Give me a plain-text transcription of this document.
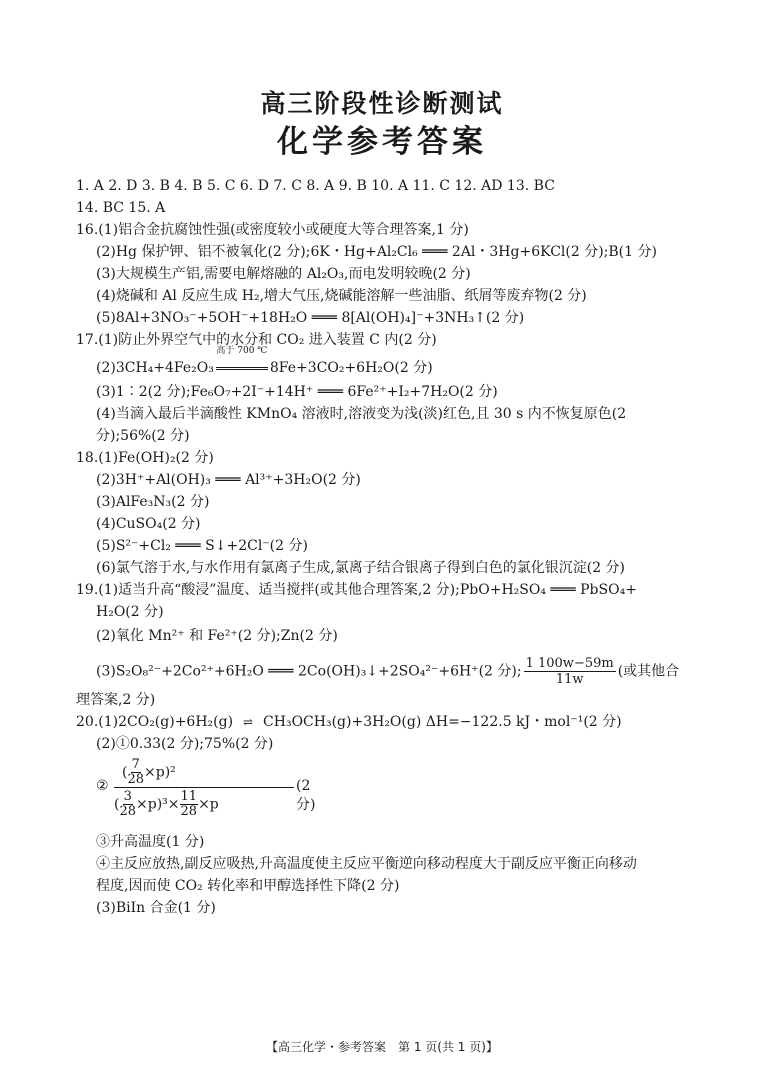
高三阶段性诊断测试
化学参考答案
1. A 2. D 3. B 4. B 5. C 6. D 7. C 8. A 9. B 10. A 11. C 12. AD 13. BC
14. BC 15. A
16.(1)铝合金抗腐蚀性强(或密度较小或硬度大等合理答案,1 分)
(2)Hg 保护钾、铝不被氧化(2 分);6K・Hg+Al₂Cl₆ ═══ 2Al・3Hg+6KCl(2 分);B(1 分)
(3)大规模生产铝,需要电解熔融的 Al₂O₃,而电发明较晚(2 分)
(4)烧碱和 Al 反应生成 H₂,增大气压,烧碱能溶解一些油脂、纸屑等废弃物(2 分)
(5)8Al+3NO₃⁻+5OH⁻+18H₂O ═══ 8[Al(OH)₄]⁻+3NH₃↑(2 分)
17.(1)防止外界空气中的水分和 CO₂ 进入装置 C 内(2 分)
(2)3CH₄+4Fe₂O₃
高于 700 ℃
8Fe+3CO₂+6H₂O(2 分)
(3)1∶2(2 分);Fe₆O₇+2I⁻+14H⁺ ═══ 6Fe²⁺+I₂+7H₂O(2 分)
(4)当滴入最后半滴酸性 KMnO₄ 溶液时,溶液变为浅(淡)红色,且 30 s 内不恢复原色(2
分);56%(2 分)
18.(1)Fe(OH)₂(2 分)
(2)3H⁺+Al(OH)₃ ═══ Al³⁺+3H₂O(2 分)
(3)AlFe₃N₃(2 分)
(4)CuSO₄(2 分)
(5)S²⁻+Cl₂ ═══ S↓+2Cl⁻(2 分)
(6)氯气溶于水,与水作用有氯离子生成,氯离子结合银离子得到白色的氯化银沉淀(2 分)
19.(1)适当升高“酸浸”温度、适当搅拌(或其他合理答案,2 分);PbO+H₂SO₄ ═══ PbSO₄+
H₂O(2 分)
(2)氧化 Mn²⁺ 和 Fe²⁺(2 分);Zn(2 分)
(3)S₂O₈²⁻+2Co²⁺+6H₂O ═══ 2Co(OH)₃↓+2SO₄²⁻+6H⁺(2 分); $\frac{1 100w-59m}{11w}$ (或其他合
理答案,2 分)
20.(1)2CO₂(g)+6H₂(g) ⇌ CH₃OCH₃(g)+3H₂O(g) ΔH=−122.5 kJ・mol⁻¹(2 分)
(2)①0.33(2 分);75%(2 分)
②
( $\frac{7}{28} \times p)^2$
( $\frac{3}{28} \times p)^3\times \frac{11}{28} \times p$
(2 分)
③升高温度(1 分)
④主反应放热,副反应吸热,升高温度使主反应平衡逆向移动程度大于副反应平衡正向移动
程度,因而使 CO₂ 转化率和甲醇选择性下降(2 分)
(3)BiIn 合金(1 分)
【高三化学・参考答案　第 1 页(共 1 页)】
